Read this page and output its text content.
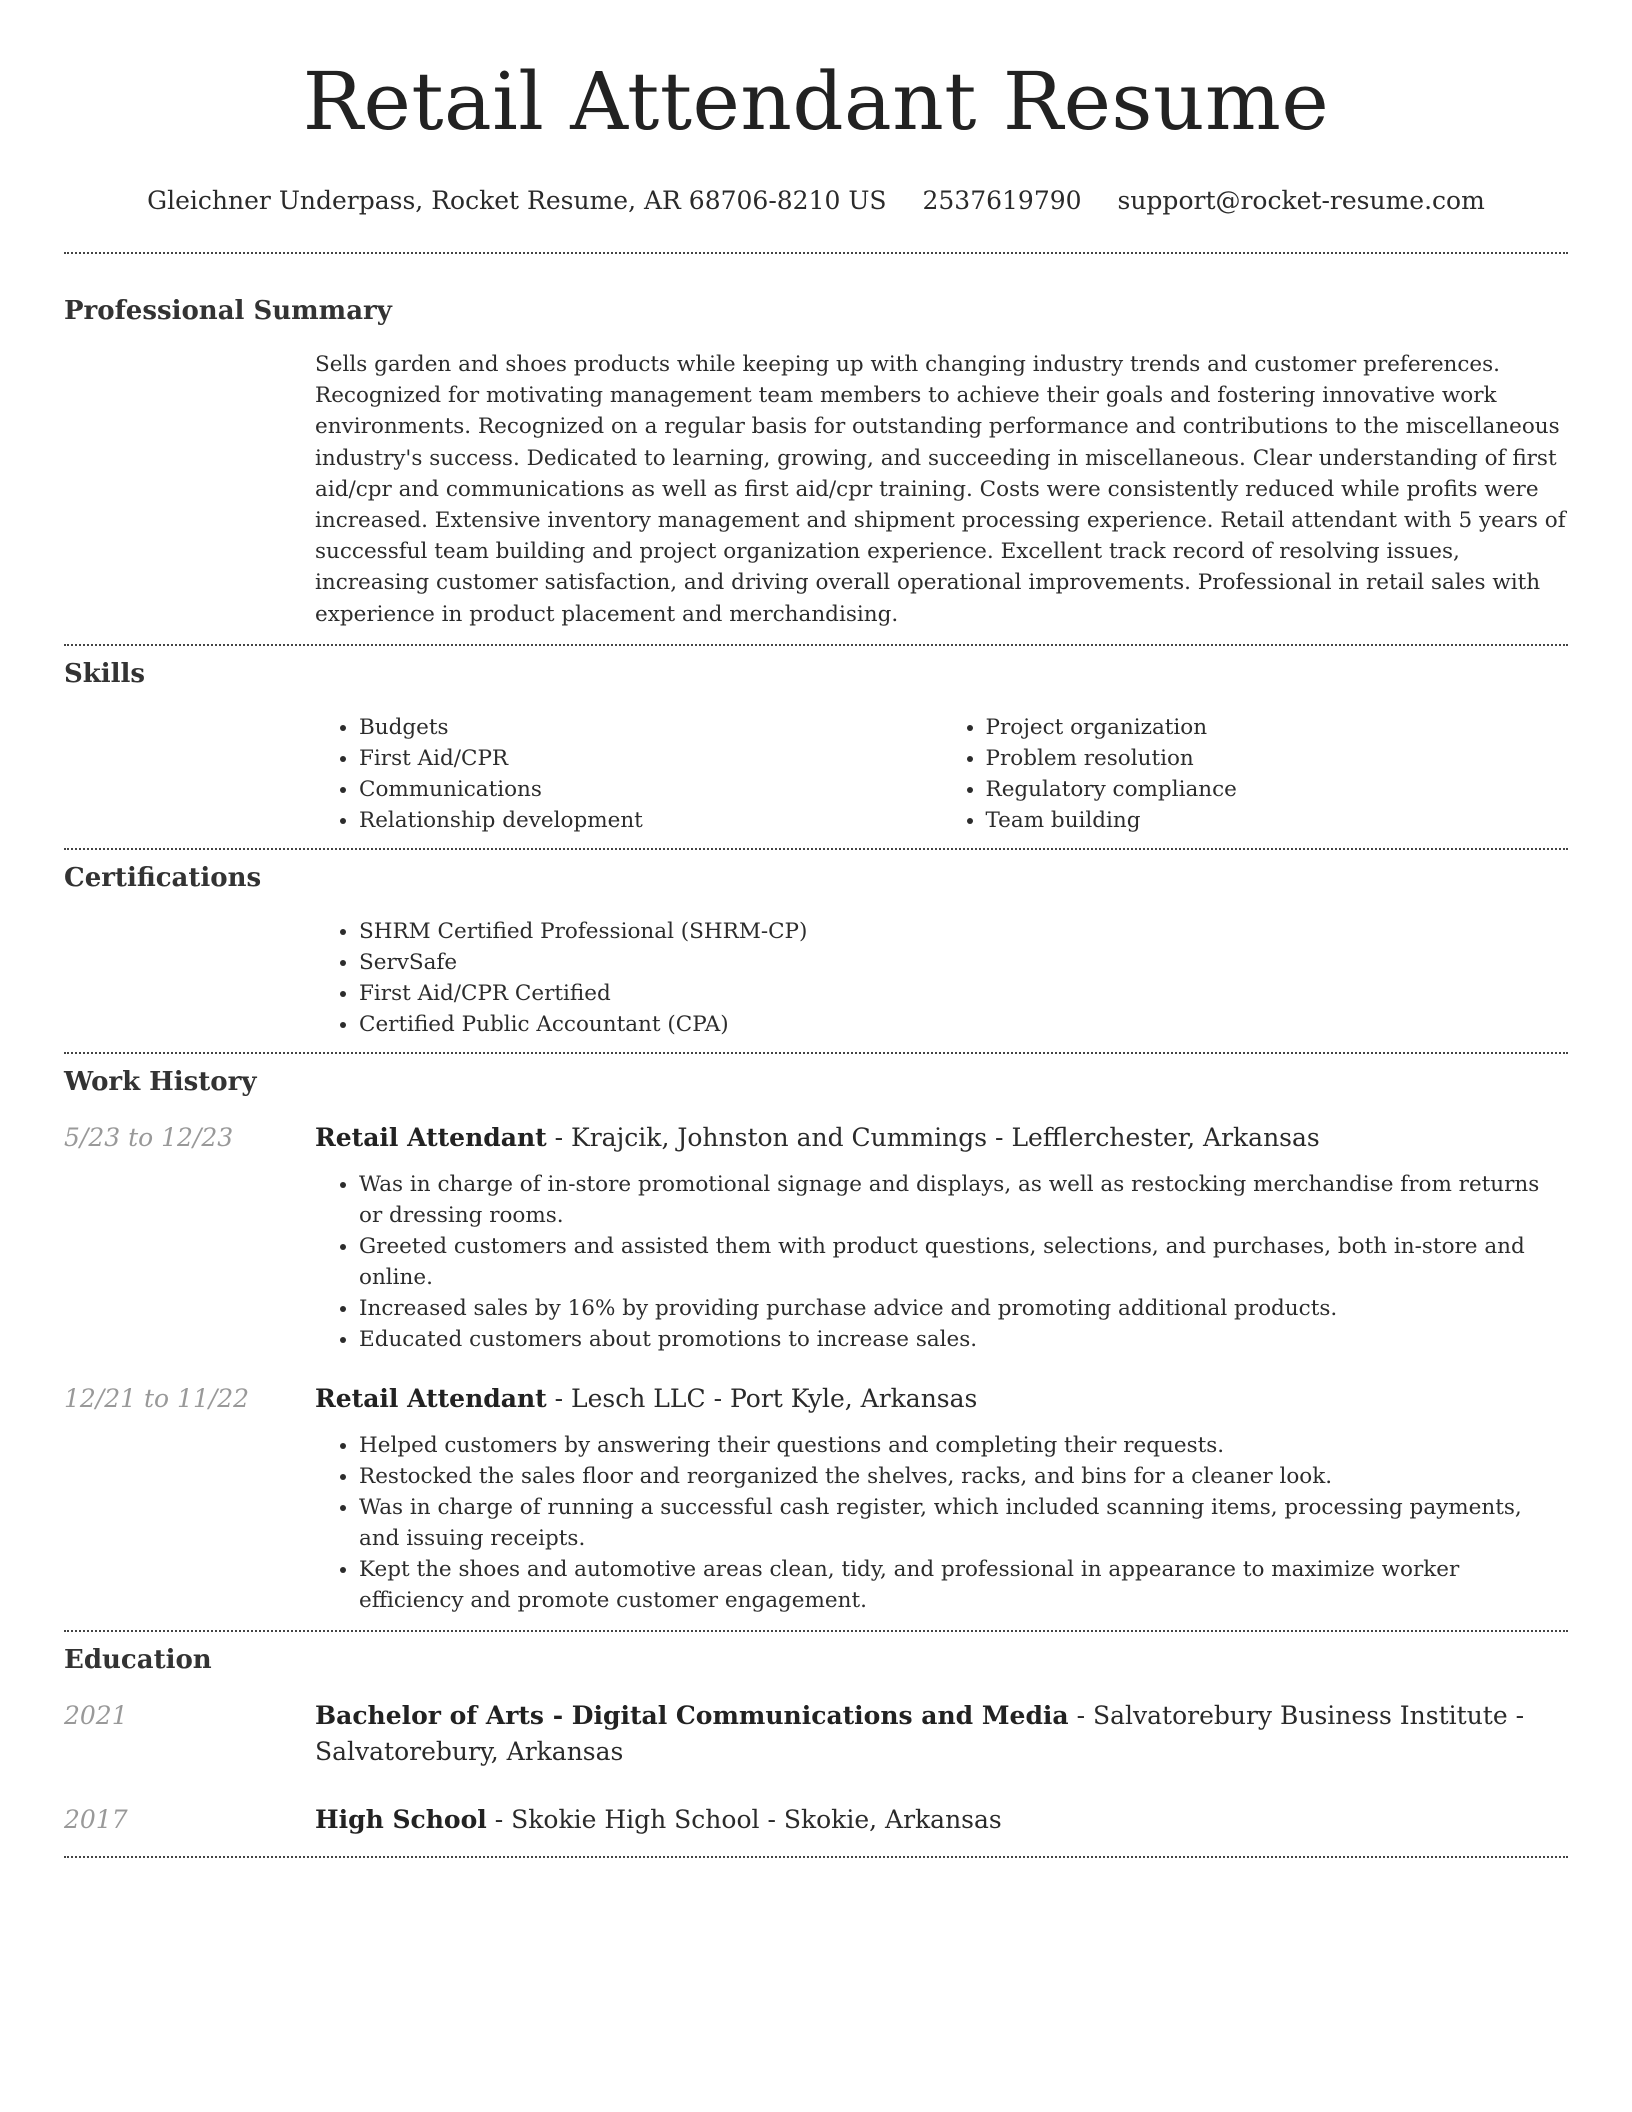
Retail Attendant Resume
Gleichner Underpass, Rocket Resume, AR 68706-8210 US 2537619790 support@rocket-resume.com
Professional Summary

Sells garden and shoes products while keeping up with changing industry trends and customer preferences. Recognized for motivating management team members to achieve their goals and fostering innovative work environments. Recognized on a regular basis for outstanding performance and contributions to the miscellaneous industry's success. Dedicated to learning, growing, and succeeding in miscellaneous. Clear understanding of first aid/cpr and communications as well as first aid/cpr training. Costs were consistently reduced while profits were increased. Extensive inventory management and shipment processing experience. Retail attendant with 5 years of successful team building and project organization experience. Excellent track record of resolving issues, increasing customer satisfaction, and driving overall operational improvements. Professional in retail sales with experience in product placement and merchandising.

Skills
• Budgets
• First Aid/CPR
• Communications
• Relationship development
• Project organization
• Problem resolution
• Regulatory compliance
• Team building
Certifications
• SHRM Certified Professional (SHRM-CP)
• ServSafe
• First Aid/CPR Certified
• Certified Public Accountant (CPA)
Work History
5/23 to 12/23	Retail Attendant - Krajcik, Johnston and Cummings - Lefflerchester, Arkansas
• Was in charge of in-store promotional signage and displays, as well as restocking merchandise from returns or dressing rooms.
• Greeted customers and assisted them with product questions, selections, and purchases, both in-store and online.
• Increased sales by 16% by providing purchase advice and promoting additional products.
• Educated customers about promotions to increase sales.
12/21 to 11/22	Retail Attendant - Lesch LLC - Port Kyle, Arkansas
• Helped customers by answering their questions and completing their requests.
• Restocked the sales floor and reorganized the shelves, racks, and bins for a cleaner look.
• Was in charge of running a successful cash register, which included scanning items, processing payments, and issuing receipts.
• Kept the shoes and automotive areas clean, tidy, and professional in appearance to maximize worker efficiency and promote customer engagement.
Education
2021	Bachelor of Arts - Digital Communications and Media - Salvatorebury Business Institute - Salvatorebury, Arkansas
2017	High School - Skokie High School - Skokie, Arkansas
